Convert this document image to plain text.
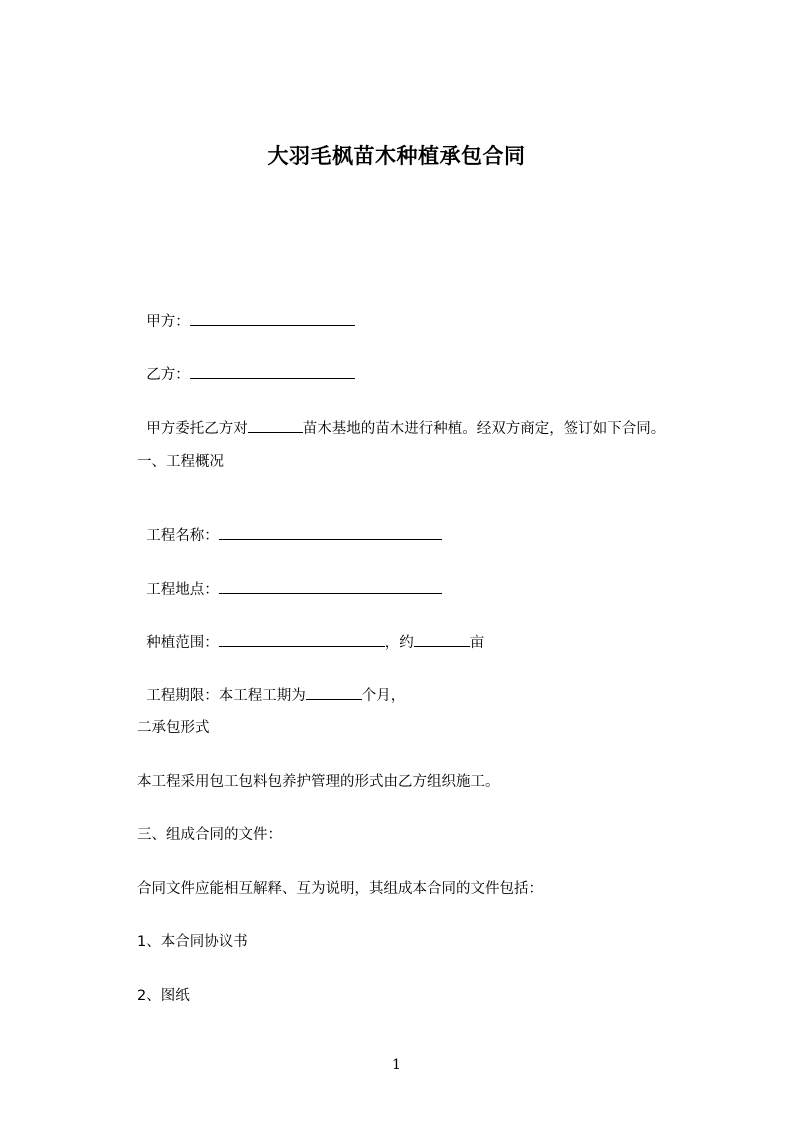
大羽毛枫苗木种植承包合同

甲方：

乙方：

甲方委托乙方对	苗木基地的苗木进行种植。经双方商定，签订如下合同。

一、工程概况

工程名称：

工程地点：

种植范围：	，约	亩

工程期限：本工程工期为	个月，

二承包形式
本工程采用包工包料包养护管理的形式由乙方组织施工。
三、组成合同的文件：
合同文件应能相互解释、互为说明，其组成本合同的文件包括：
1、本合同协议书
2、图纸
1
